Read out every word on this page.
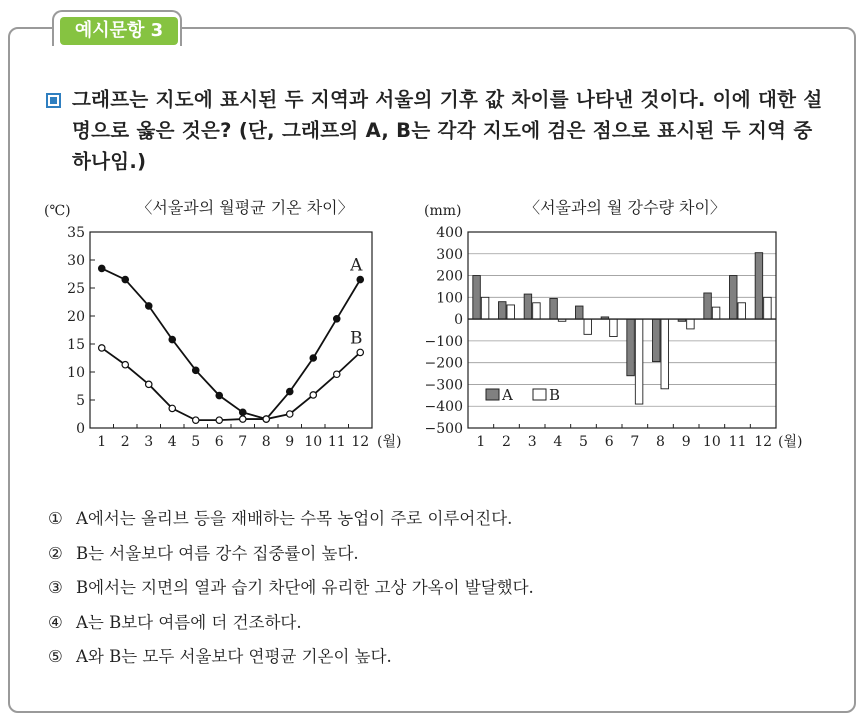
예시문항 3
그래프는 지도에 표시된 두 지역과 서울의 기후 값 차이를 나타낸 것이다. 이에 대한 설명으로 옳은 것은? (단, 그래프의 A, B는 각각 지도에 검은 점으로 표시된 두 지역 중 하나임.)
〈서울과의 월평균 기온 차이〉
(℃)
0
5
10
15
20
25
30
35
1 2 3 4 5 6 7 8 9 10 11 12
A
B
(월)
〈서울과의 월 강수량 차이〉
(mm)
−500
−400
−300
−200
−100
0
100
200
300
400
1 2 3 4 5 6 7 8 9 10 11 12
A B
(월)
① A에서는 올리브 등을 재배하는 수목 농업이 주로 이루어진다.
② B는 서울보다 여름 강수 집중률이 높다.
③ B에서는 지면의 열과 습기 차단에 유리한 고상 가옥이 발달했다.
④ A는 B보다 여름에 더 건조하다.
⑤ A와 B는 모두 서울보다 연평균 기온이 높다.
